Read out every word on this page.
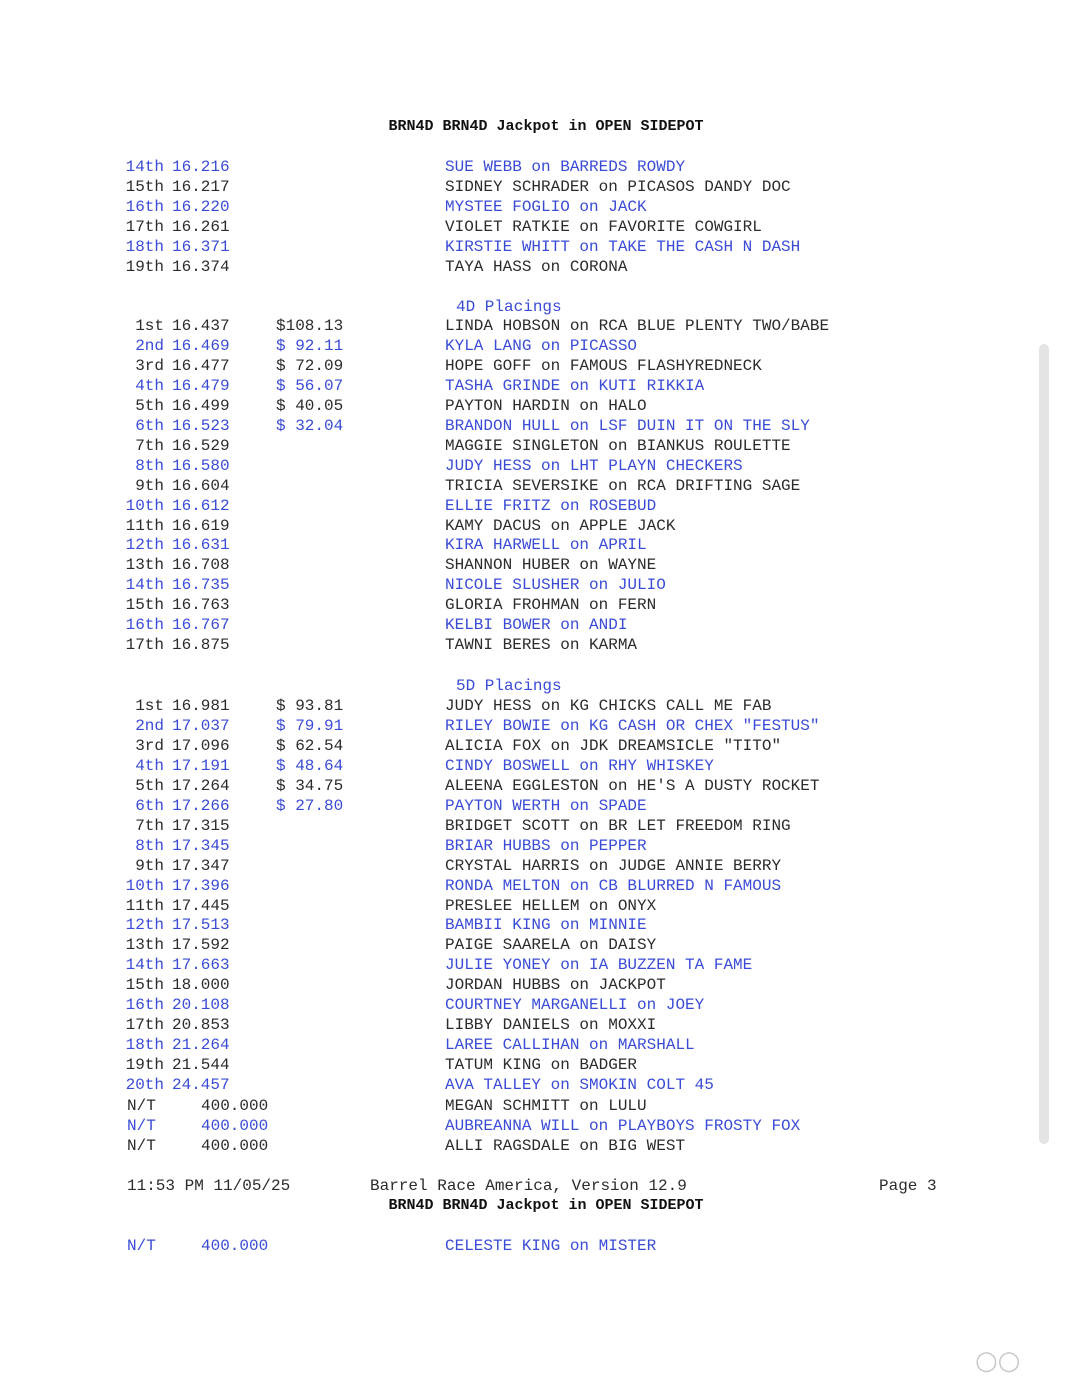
BRN4D BRN4D Jackpot in OPEN SIDEPOT
14th 16.216	SUE WEBB on BARREDS ROWDY
15th 16.217	SIDNEY SCHRADER on PICASOS DANDY DOC
16th 16.220	MYSTEE FOGLIO on JACK
17th 16.261	VIOLET RATKIE on FAVORITE COWGIRL
18th 16.371	KIRSTIE WHITT on TAKE THE CASH N DASH
19th 16.374	TAYA HASS on CORONA
4D Placings
1st 16.437	$108.13	LINDA HOBSON on RCA BLUE PLENTY TWO/BABE
2nd 16.469	$ 92.11	KYLA LANG on PICASSO
3rd 16.477	$ 72.09	HOPE GOFF on FAMOUS FLASHYREDNECK
4th 16.479	$ 56.07	TASHA GRINDE on KUTI RIKKIA
5th 16.499	$ 40.05	PAYTON HARDIN on HALO
6th 16.523	$ 32.04	BRANDON HULL on LSF DUIN IT ON THE SLY
7th 16.529	MAGGIE SINGLETON on BIANKUS ROULETTE
8th 16.580	JUDY HESS on LHT PLAYN CHECKERS
9th 16.604	TRICIA SEVERSIKE on RCA DRIFTING SAGE
10th 16.612	ELLIE FRITZ on ROSEBUD
11th 16.619	KAMY DACUS on APPLE JACK
12th 16.631	KIRA HARWELL on APRIL
13th 16.708	SHANNON HUBER on WAYNE
14th 16.735	NICOLE SLUSHER on JULIO
15th 16.763	GLORIA FROHMAN on FERN
16th 16.767	KELBI BOWER on ANDI
17th 16.875	TAWNI BERES on KARMA
5D Placings
1st 16.981	$ 93.81	JUDY HESS on KG CHICKS CALL ME FAB
2nd 17.037	$ 79.91	RILEY BOWIE on KG CASH OR CHEX "FESTUS"
3rd 17.096	$ 62.54	ALICIA FOX on JDK DREAMSICLE "TITO"
4th 17.191	$ 48.64	CINDY BOSWELL on RHY WHISKEY
5th 17.264	$ 34.75	ALEENA EGGLESTON on HE'S A DUSTY ROCKET
6th 17.266	$ 27.80	PAYTON WERTH on SPADE
7th 17.315	BRIDGET SCOTT on BR LET FREEDOM RING
8th 17.345	BRIAR HUBBS on PEPPER
9th 17.347	CRYSTAL HARRIS on JUDGE ANNIE BERRY
10th 17.396	RONDA MELTON on CB BLURRED N FAMOUS
11th 17.445	PRESLEE HELLEM on ONYX
12th 17.513	BAMBII KING on MINNIE
13th 17.592	PAIGE SAARELA on DAISY
14th 17.663	JULIE YONEY on IA BUZZEN TA FAME
15th 18.000	JORDAN HUBBS on JACKPOT
16th 20.108	COURTNEY MARGANELLI on JOEY
17th 20.853	LIBBY DANIELS on MOXXI
18th 21.264	LAREE CALLIHAN on MARSHALL
19th 21.544	TATUM KING on BADGER
20th 24.457	AVA TALLEY on SMOKIN COLT 45
N/T	400.000	MEGAN SCHMITT on LULU
N/T	400.000	AUBREANNA WILL on PLAYBOYS FROSTY FOX
N/T	400.000	ALLI RAGSDALE on BIG WEST
11:53 PM 11/05/25	Barrel Race America, Version 12.9	Page 3
BRN4D BRN4D Jackpot in OPEN SIDEPOT
N/T	400.000	CELESTE KING on MISTER
○○
